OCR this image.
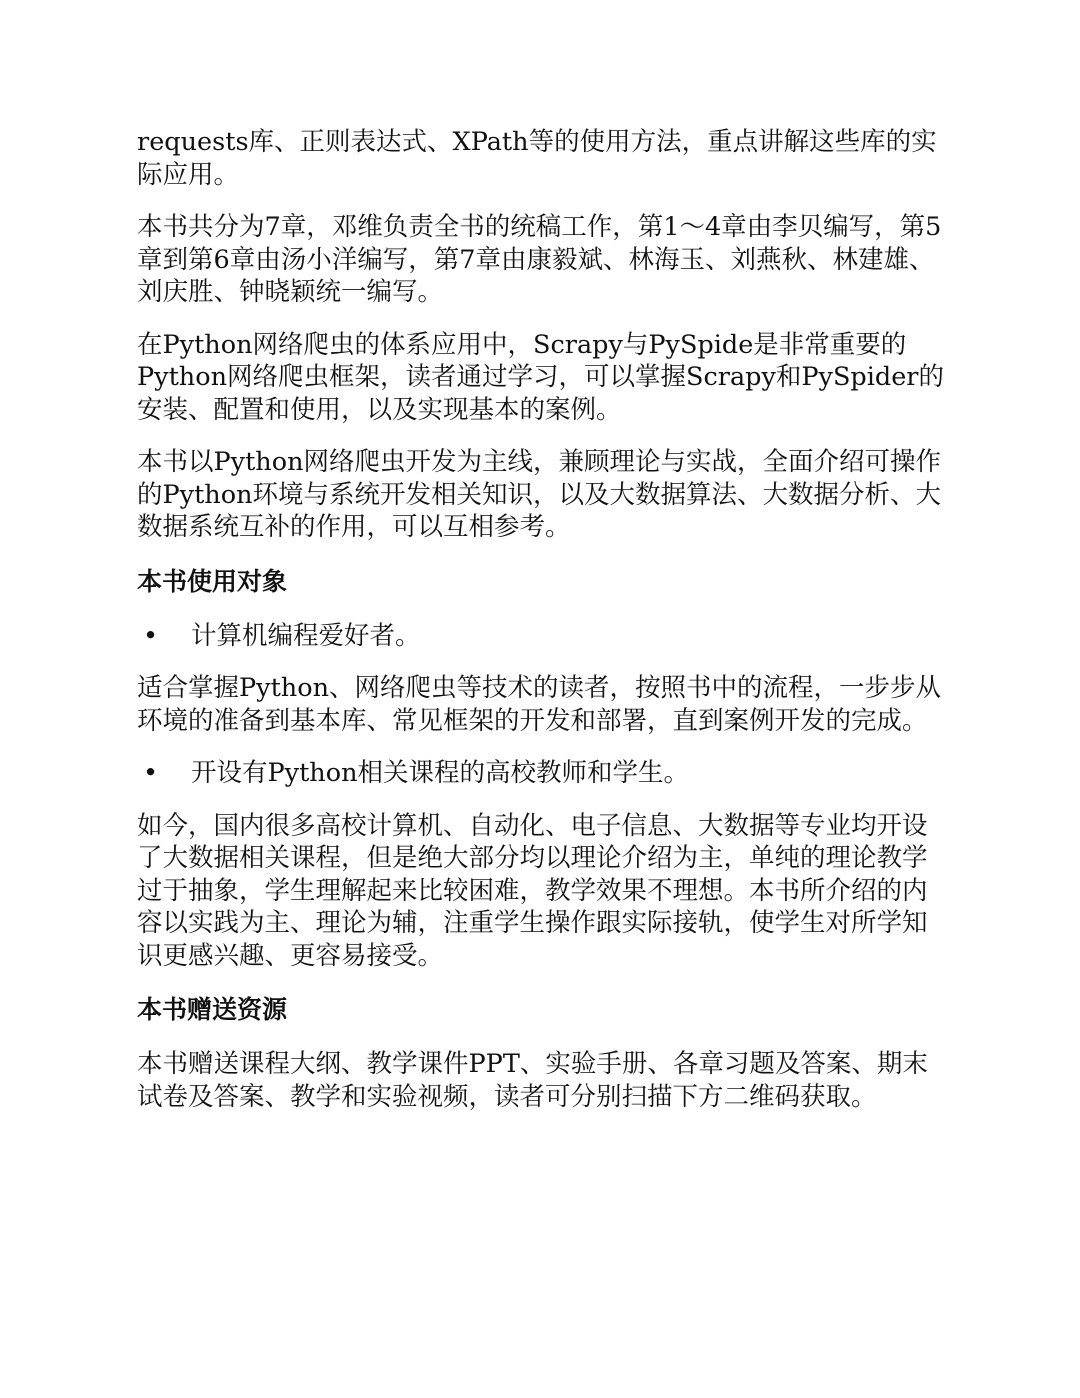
requests库、正则表达式、XPath等的使用方法，重点讲解这些库的实际应用。

本书共分为7章，邓维负责全书的统稿工作，第1～4章由李贝编写，第5章到第6章由汤小洋编写，第7章由康毅斌、林海玉、刘燕秋、林建雄、刘庆胜、钟晓颖统一编写。

在Python网络爬虫的体系应用中，Scrapy与PySpide是非常重要的Python网络爬虫框架，读者通过学习，可以掌握Scrapy和PySpider的安装、配置和使用，以及实现基本的案例。

本书以Python网络爬虫开发为主线，兼顾理论与实战，全面介绍可操作的Python环境与系统开发相关知识，以及大数据算法、大数据分析、大数据系统互补的作用，可以互相参考。

本书使用对象
• 计算机编程爱好者。

适合掌握Python、网络爬虫等技术的读者，按照书中的流程，一步步从环境的准备到基本库、常见框架的开发和部署，直到案例开发的完成。

• 开设有Python相关课程的高校教师和学生。

如今，国内很多高校计算机、自动化、电子信息、大数据等专业均开设了大数据相关课程，但是绝大部分均以理论介绍为主，单纯的理论教学过于抽象，学生理解起来比较困难，教学效果不理想。本书所介绍的内容以实践为主、理论为辅，注重学生操作跟实际接轨，使学生对所学知识更感兴趣、更容易接受。

本书赠送资源

本书赠送课程大纲、教学课件PPT、实验手册、各章习题及答案、期末试卷及答案、教学和实验视频，读者可分别扫描下方二维码获取。
